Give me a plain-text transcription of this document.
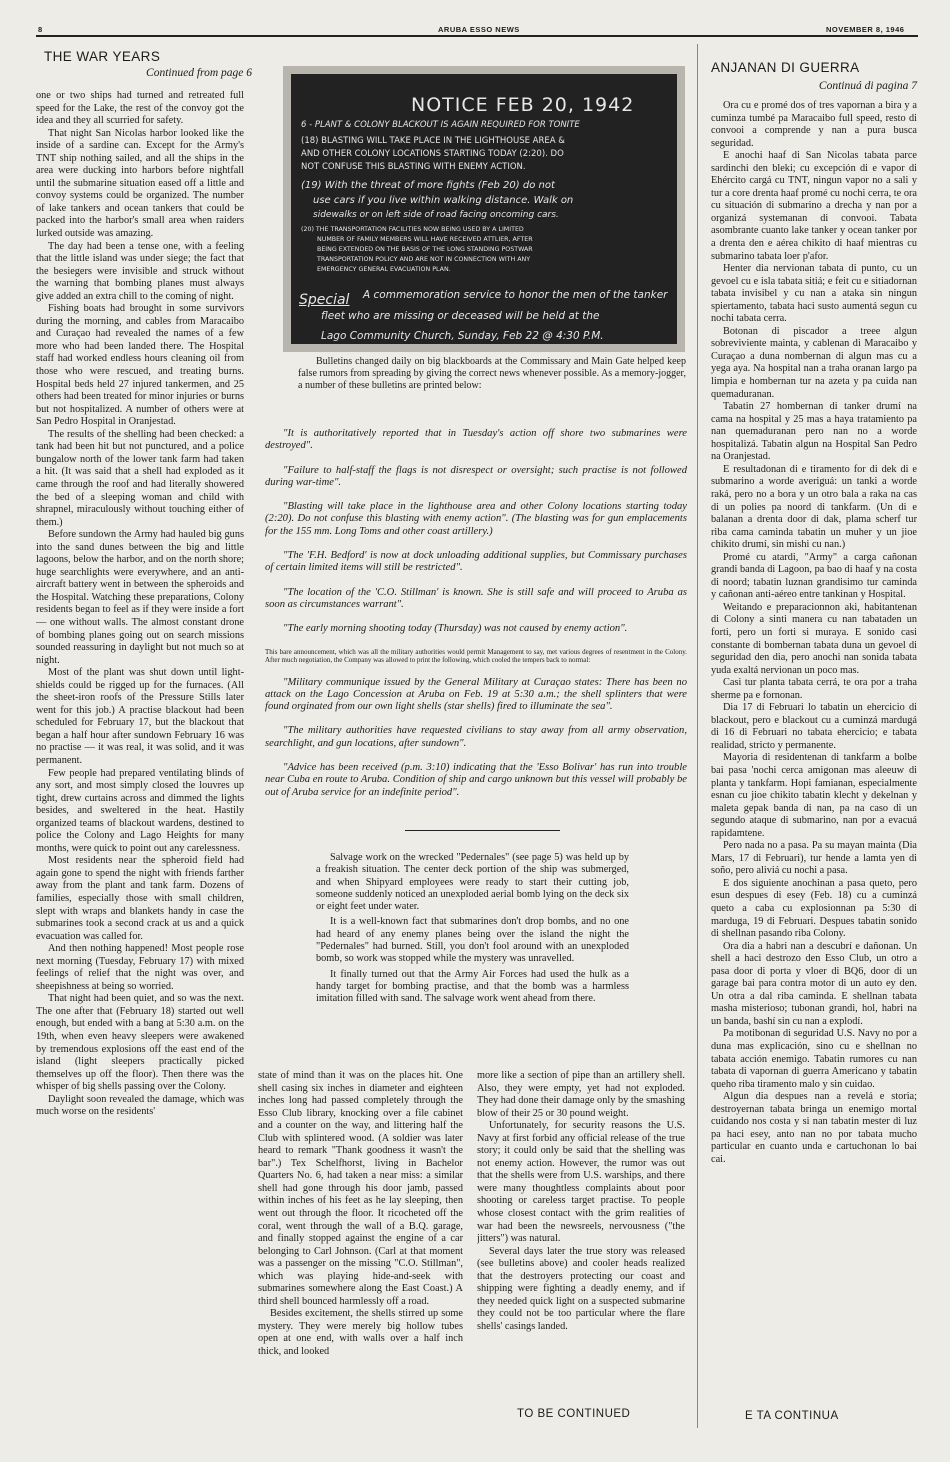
8	ARUBA ESSO NEWS	NOVEMBER 8, 1946
THE WAR YEARS
Continued from page 6

one or two ships had turned and retreated full speed for the Lake, the rest of the convoy got the idea and they all scurried for safety.

That night San Nicolas harbor looked like the inside of a sardine can. Except for the Army's TNT ship nothing sailed, and all the ships in the area were ducking into harbors before nightfall until the submarine situation eased off a little and convoy systems could be organized. The number of lake tankers and ocean tankers that could be packed into the harbor's small area when raiders lurked outside was amazing.

The day had been a tense one, with a feeling that the little island was under siege; the fact that the besiegers were invisible and struck without the warning that bombing planes must always give added an extra chill to the coming of night.

Fishing boats had brought in some survivors during the morning, and cables from Maracaibo and Curaçao had revealed the names of a few more who had been landed there. The Hospital staff had worked endless hours cleaning oil from those who were rescued, and treating burns. Hospital beds held 27 injured tankermen, and 25 others had been treated for minor injuries or burns but not hospitalized. A number of others were at San Pedro Hospital in Oranjestad.

The results of the shelling had been checked: a tank had been hit but not punctured, and a police bungalow north of the lower tank farm had taken a hit. (It was said that a shell had exploded as it came through the roof and had literally showered the bed of a sleeping woman and child with shrapnel, miraculously without touching either of them.)

Before sundown the Army had hauled big guns into the sand dunes between the big and little lagoons, below the harbor, and on the north shore; huge searchlights were everywhere, and an anti-aircraft battery went in between the spheroids and the Hospital. Watching these preparations, Colony residents began to feel as if they were inside a fort — one without walls. The almost constant drone of bombing planes going out on search missions sounded reassuring in daylight but not much so at night.

Most of the plant was shut down until light-shields could be rigged up for the furnaces. (All the sheet-iron roofs of the Pressure Stills later went for this job.) A practise blackout had been scheduled for February 17, but the blackout that began a half hour after sundown February 16 was no practise — it was real, it was solid, and it was permanent.

Few people had prepared ventilating blinds of any sort, and most simply closed the louvres up tight, drew curtains across and dimmed the lights besides, and sweltered in the heat. Hastily organized teams of blackout wardens, destined to police the Colony and Lago Heights for many months, were quick to point out any carelessness.

Most residents near the spheroid field had again gone to spend the night with friends farther away from the plant and tank farm. Dozens of families, especially those with small children, slept with wraps and blankets handy in case the submarines took a second crack at us and a quick evacuation was called for.

And then nothing happened! Most people rose next morning (Tuesday, February 17) with mixed feelings of relief that the night was over, and sheepishness at being so worried.

That night had been quiet, and so was the next. The one after that (February 18) started out well enough, but ended with a bang at 5:30 a.m. on the 19th, when even heavy sleepers were awakened by tremendous explosions off the east end of the island (light sleepers practically picked themselves up off the floor). Then there was the whisper of big shells passing over the Colony.

Daylight soon revealed the damage, which was much worse on the residents'

NOTICE FEB 20, 1942
6 - PLANT & COLONY BLACKOUT IS AGAIN REQUIRED FOR TONITE
(18) BLASTING WILL TAKE PLACE IN THE LIGHTHOUSE AREA &
AND OTHER COLONY LOCATIONS STARTING TODAY (2:20). DO
NOT CONFUSE THIS BLASTING WITH ENEMY ACTION.
(19) With the threat of more fights (Feb 20) do not
use cars if you live within walking distance. Walk on
sidewalks or on left side of road facing oncoming cars.
(20) THE TRANSPORTATION FACILITIES NOW BEING USED BY A LIMITED
NUMBER OF FAMILY MEMBERS WILL HAVE RECEIVED ATTLIER, AFTER
BEING EXTENDED ON THE BASIS OF THE LONG STANDING POSTWAR
TRANSPORTATION POLICY AND ARE NOT IN CONNECTION WITH ANY
EMERGENCY GENERAL EVACUATION PLAN.
Special A commemoration service to honor the men of the tanker
fleet who are missing or deceased will be held at the
Lago Community Church, Sunday, Feb 22 @ 4:30 P.M.
Bulletins changed daily on big blackboards at the Commissary and Main Gate helped keep false rumors from spreading by giving the correct news whenever possible. As a memory-jogger, a number of these bulletins are printed below:

"It is authoritatively reported that in Tuesday's action off shore two submarines were destroyed".

"Failure to half-staff the flags is not disrespect or oversight; such practise is not followed during war-time".

"Blasting will take place in the lighthouse area and other Colony locations starting today (2:20). Do not confuse this blasting with enemy action". (The blasting was for gun emplacements for the 155 mm. Long Toms and other coast artillery.)

"The 'F.H. Bedford' is now at dock unloading additional supplies, but Commissary purchases of certain limited items will still be restricted".

"The location of the 'C.O. Stillman' is known. She is still safe and will proceed to Aruba as soon as circumstances warrant".

"The early morning shooting today (Thursday) was not caused by enemy action".

This bare announcement, which was all the military authorities would permit Management to say, met various degrees of resentment in the Colony. After much negotiation, the Company was allowed to print the following, which cooled the tempers back to normal:

"Military communique issued by the General Military at Curaçao states: There has been no attack on the Lago Concession at Aruba on Feb. 19 at 5:30 a.m.; the shell splinters that were found orginated from our own light shells (star shells) fired to illuminate the sea".

"The military authorities have requested civilians to stay away from all army observation, searchlight, and gun locations, after sundown".

"Advice has been received (p.m. 3:10) indicating that the 'Esso Bolivar' has run into trouble near Cuba en route to Aruba. Condition of ship and cargo unknown but this vessel will probably be out of Aruba service for an indefinite period".

Salvage work on the wrecked "Pedernales" (see page 5) was held up by a freakish situation. The center deck portion of the ship was submerged, and when Shipyard employees were ready to start their cutting job, someone suddenly noticed an unexploded aerial bomb lying on the deck six or eight feet under water.

It is a well-known fact that submarines don't drop bombs, and no one had heard of any enemy planes being over the island the night the "Pedernales" had burned. Still, you don't fool around with an unexploded bomb, so work was stopped while the mystery was unravelled.

It finally turned out that the Army Air Forces had used the hulk as a handy target for bombing practise, and that the bomb was a harmless imitation filled with sand. The salvage work went ahead from there.

state of mind than it was on the places hit. One shell casing six inches in diameter and eighteen inches long had passed completely through the Esso Club library, knocking over a file cabinet and a counter on the way, and littering half the Club with splintered wood. (A soldier was later heard to remark "Thank goodness it wasn't the bar".) Tex Schelfhorst, living in Bachelor Quarters No. 6, had taken a near miss: a similar shell had gone through his door jamb, passed within inches of his feet as he lay sleeping, then went out through the floor. It ricocheted off the coral, went through the wall of a B.Q. garage, and finally stopped against the engine of a car belonging to Carl Johnson. (Carl at that moment was a passenger on the missing "C.O. Stillman", which was playing hide-and-seek with submarines somewhere along the East Coast.) A third shell bounced harmlessly off a road.

Besides excitement, the shells stirred up some mystery. They were merely big hollow tubes open at one end, with walls over a half inch thick, and looked

more like a section of pipe than an artillery shell. Also, they were empty, yet had not exploded. They had done their damage only by the smashing blow of their 25 or 30 pound weight.

Unfortunately, for security reasons the U.S. Navy at first forbid any official release of the true story; it could only be said that the shelling was not enemy action. However, the rumor was out that the shells were from U.S. warships, and there were many thoughtless complaints about poor shooting or careless target practise. To people whose closest contact with the grim realities of war had been the newsreels, nervousness ("the jitters") was natural.

Several days later the true story was released (see bulletins above) and cooler heads realized that the destroyers protecting our coast and shipping were fighting a deadly enemy, and if they needed quick light on a suspected submarine they could not be too particular where the flare shells' casings landed.

TO BE CONTINUED
ANJANAN DI GUERRA
Continuá di pagina 7

Ora cu e promé dos of tres vapornan a bira y a cuminza tumbé pa Maracaibo full speed, resto di convooi a comprende y nan a pura busca seguridad.

E anochi haaf di San Nicolas tabata parce sardinchi den bleki; cu excepción di e vapor di Ehército cargá cu TNT, ningun vapor no a sali y tur a core drenta haaf promé cu nochi cerra, te ora cu situación di submarino a drecha y nan por a organizá systemanan di convooi. Tabata asombrante cuanto lake tanker y ocean tanker por a drenta den e aérea chikito di haaf mientras cu submarino tabata loer p'afor.

Henter dia nervionan tabata di punto, cu un gevoel cu e isla tabata sitiá; e feit cu e sitiadornan tabata invisibel y cu nan a ataka sin ningun spiertamento, tabata haci susto aumentá segun cu nochi tabata cerra.

Botonan di piscador a treee algun sobreviviente mainta, y cablenan di Maracaibo y Curaçao a duna nombernan di algun mas cu a yega aya. Na hospital nan a traha oranan largo pa limpia e hombernan tur na azeta y pa cuida nan quemaduranan.

Tabatin 27 hombernan di tanker drumí na cama na hospital y 25 mas a haya tratamiento pa nan quemaduranan pero nan no a worde hospitalizá. Tabatin algun na Hospital San Pedro na Oranjestad.

E resultadonan di e tiramento for di dek di e submarino a worde averiguá: un tanki a worde raká, pero no a bora y un otro bala a raka na cas di un polies pa noord di tankfarm. (Un di e balanan a drenta door di dak, plama scherf tur riba cama caminda tabatin un muher y un jioe chikito drumí, sin mishi cu nan.)

Promé cu atardi, "Army" a carga cañonan grandi banda di Lagoon, pa bao di haaf y na costa di noord; tabatin luznan grandisimo tur caminda y cañonan anti-aéreo entre tankinan y Hospital.

Weitando e preparacionnon aki, habitantenan di Colony a sinti manera cu nan tabataden un forti, pero un forti si muraya. E sonido casi constante di bombernan tabata duna un gevoel di seguridad den dia, pero anochi nan sonida tabata yuda exaltá nervionan un poco mas.

Casi tur planta tabata cerrá, te ora por a traha sherme pa e fornonan.

Dia 17 di Februari lo tabatin un ehercicio di blackout, pero e blackout cu a cuminzá mardugá di 16 di Februari no tabata ehercicio; e tabata realidad, stricto y permanente.

Mayoria di residentenan di tankfarm a bolbe bai pasa 'nochi cerca amigonan mas aleeuw di planta y tankfarm. Hopi famianan, especialmente esnan cu jioe chikito tabatin klecht y dekelnan y maleta gepak banda di nan, pa na caso di un segundo ataque di submarino, nan por a evacuá rapidamtene.

Pero nada no a pasa. Pa su mayan mainta (Dia Mars, 17 di Februari), tur hende a lamta yen di soño, pero aliviá cu nochi a pasa.

E dos siguiente anochinan a pasa queto, pero esun despues di esey (Feb. 18) cu a cuminzá queto a caba cu explosionnan pa 5:30 di marduga, 19 di Februari. Despues tabatin sonido di shellnan pasando riba Colony.

Ora dia a habri nan a descubrí e dañonan. Un shell a haci destrozo den Esso Club, un otro a pasa door di porta y vloer di BQ6, door di un garage bai para contra motor di un auto ey den. Un otra a dal riba caminda. E shellnan tabata masha misterioso; tubonan grandi, hol, habri na un banda, bashí sin cu nan a explodí.

Pa motibonan di seguridad U.S. Navy no por a duna mas explicación, sino cu e shellnan no tabata acción enemigo. Tabatin rumores cu nan tabata di vapornan di guerra Americano y tabatin queho riba tiramento malo y sin cuidao.

Algun dia despues nan a revelá e storia; destroyernan tabata bringa un enemigo mortal cuidando nos costa y si nan tabatin mester di luz pa haci esey, anto nan no por tabata mucho particular en cuanto unda e cartuchonan lo bai cai.

E TA CONTINUA
